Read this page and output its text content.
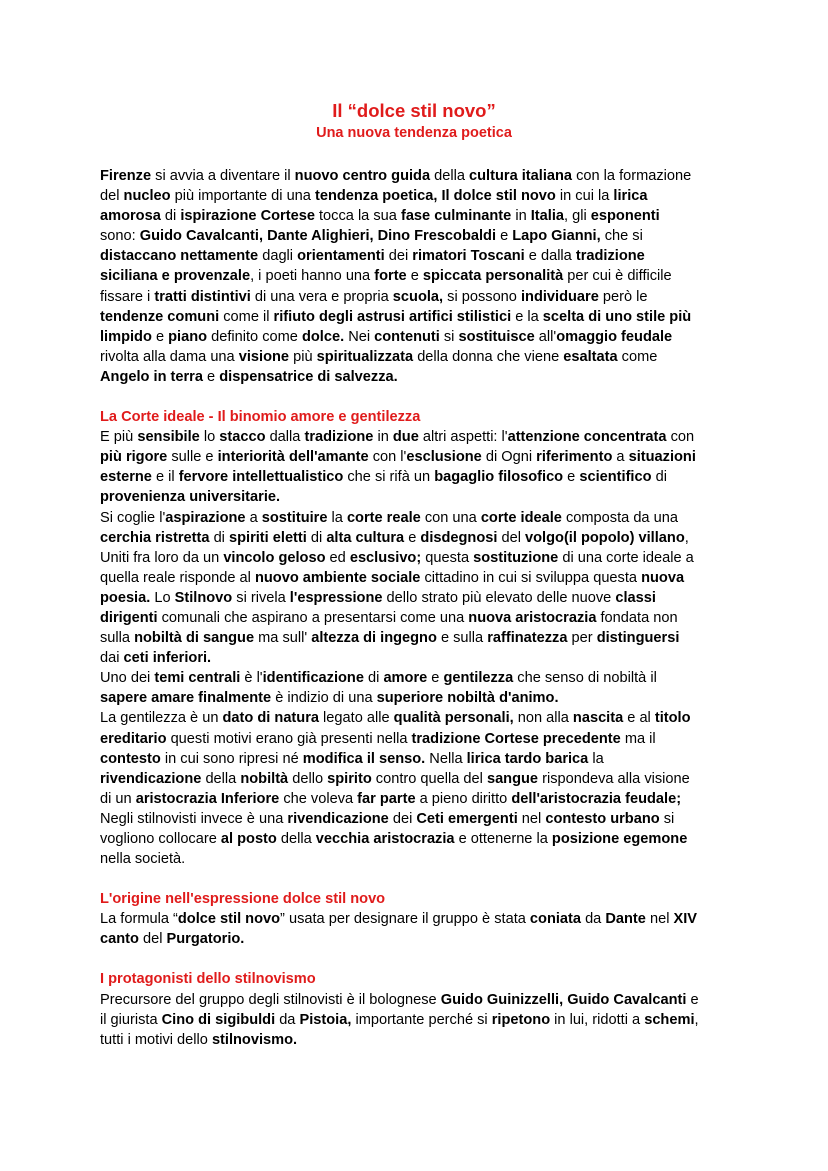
Il “dolce stil novo”
Una nuova tendenza poetica

Firenze si avvia a diventare il nuovo centro guida della cultura italiana con la formazione
del nucleo più importante di una tendenza poetica, Il dolce stil novo in cui la lirica
amorosa di ispirazione Cortese tocca la sua fase culminante in Italia, gli esponenti
sono: Guido Cavalcanti, Dante Alighieri, Dino Frescobaldi e Lapo Gianni, che si
distaccano nettamente dagli orientamenti dei rimatori Toscani e dalla tradizione
siciliana e provenzale, i poeti hanno una forte e spiccata personalità per cui è difficile
fissare i tratti distintivi di una vera e propria scuola, si possono individuare però le
tendenze comuni come il rifiuto degli astrusi artifici stilistici e la scelta di uno stile più
limpido e piano definito come dolce. Nei contenuti si sostituisce all'omaggio feudale
rivolta alla dama una visione più spiritualizzata della donna che viene esaltata come
Angelo in terra e dispensatrice di salvezza.

La Corte ideale - Il binomio amore e gentilezza

E più sensibile lo stacco dalla tradizione in due altri aspetti: l'attenzione concentrata con
più rigore sulle e interiorità dell'amante con l'esclusione di Ogni riferimento a situazioni
esterne e il fervore intellettualistico che si rifà un bagaglio filosofico e scientifico di
provenienza universitarie.
Si coglie l'aspirazione a sostituire la corte reale con una corte ideale composta da una
cerchia ristretta di spiriti eletti di alta cultura e disdegnosi del volgo(il popolo) villano,
Uniti fra loro da un vincolo geloso ed esclusivo; questa sostituzione di una corte ideale a
quella reale risponde al nuovo ambiente sociale cittadino in cui si sviluppa questa nuova
poesia. Lo Stilnovo si rivela l'espressione dello strato più elevato delle nuove classi
dirigenti comunali che aspirano a presentarsi come una nuova aristocrazia fondata non
sulla nobiltà di sangue ma sull' altezza di ingegno e sulla raffinatezza per distinguersi
dai ceti inferiori.
Uno dei temi centrali è l'identificazione di amore e gentilezza che senso di nobiltà il
sapere amare finalmente è indizio di una superiore nobiltà d'animo.
La gentilezza è un dato di natura legato alle qualità personali, non alla nascita e al titolo
ereditario questi motivi erano già presenti nella tradizione Cortese precedente ma il
contesto in cui sono ripresi né modifica il senso. Nella lirica tardo barica la
rivendicazione della nobiltà dello spirito contro quella del sangue rispondeva alla visione
di un aristocrazia Inferiore che voleva far parte a pieno diritto dell'aristocrazia feudale;
Negli stilnovisti invece è una rivendicazione dei Ceti emergenti nel contesto urbano si
vogliono collocare al posto della vecchia aristocrazia e ottenerne la posizione egemone
nella società.

L'origine nell'espressione dolce stil novo

La formula “dolce stil novo” usata per designare il gruppo è stata coniata da Dante nel XIV
canto del Purgatorio.

I protagonisti dello stilnovismo

Precursore del gruppo degli stilnovisti è il bolognese Guido Guinizzelli, Guido Cavalcanti e
il giurista Cino di sigibuldi da Pistoia, importante perché si ripetono in lui, ridotti a schemi,
tutti i motivi dello stilnovismo.
